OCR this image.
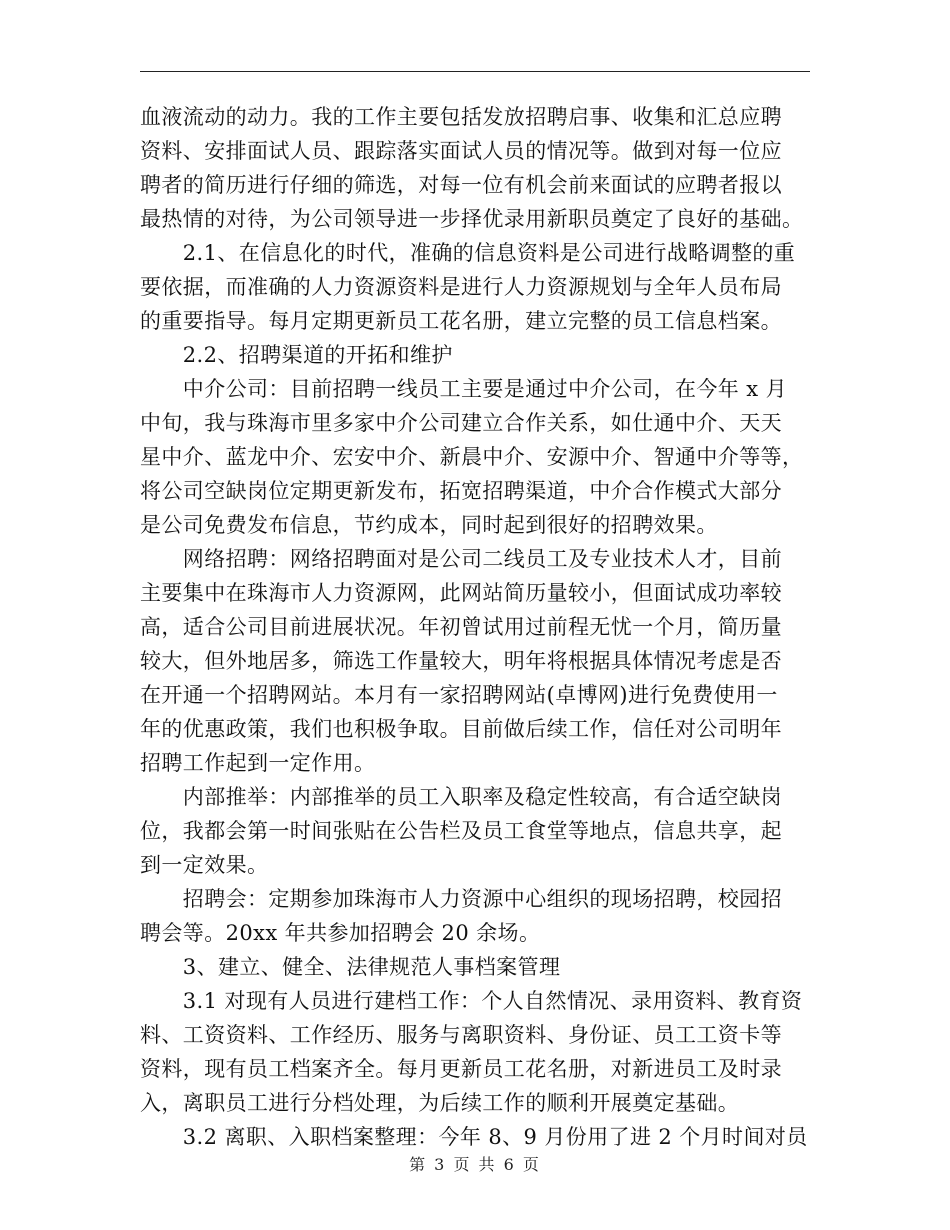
血液流动的动力。我的工作主要包括发放招聘启事、收集和汇总应聘
资料、安排面试人员、跟踪落实面试人员的情况等。做到对每一位应
聘者的简历进行仔细的筛选，对每一位有机会前来面试的应聘者报以
最热情的对待，为公司领导进一步择优录用新职员奠定了良好的基础。
　　2.1、在信息化的时代，准确的信息资料是公司进行战略调整的重
要依据，而准确的人力资源资料是进行人力资源规划与全年人员布局
的重要指导。每月定期更新员工花名册，建立完整的员工信息档案。
　　2.2、招聘渠道的开拓和维护
　　中介公司：目前招聘一线员工主要是通过中介公司，在今年 x 月
中旬，我与珠海市里多家中介公司建立合作关系，如仕通中介、天天
星中介、蓝龙中介、宏安中介、新晨中介、安源中介、智通中介等等，
将公司空缺岗位定期更新发布，拓宽招聘渠道，中介合作模式大部分
是公司免费发布信息，节约成本，同时起到很好的招聘效果。
　　网络招聘：网络招聘面对是公司二线员工及专业技术人才，目前
主要集中在珠海市人力资源网，此网站简历量较小，但面试成功率较
高，适合公司目前进展状况。年初曾试用过前程无忧一个月，简历量
较大，但外地居多，筛选工作量较大，明年将根据具体情况考虑是否
在开通一个招聘网站。本月有一家招聘网站(卓博网)进行免费使用一
年的优惠政策，我们也积极争取。目前做后续工作，信任对公司明年
招聘工作起到一定作用。
　　内部推举：内部推举的员工入职率及稳定性较高，有合适空缺岗
位，我都会第一时间张贴在公告栏及员工食堂等地点，信息共享，起
到一定效果。
　　招聘会：定期参加珠海市人力资源中心组织的现场招聘，校园招
聘会等。20xx 年共参加招聘会 20 余场。
　　3、建立、健全、法律规范人事档案管理
　　3.1 对现有人员进行建档工作：个人自然情况、录用资料、教育资
料、工资资料、工作经历、服务与离职资料、身份证、员工工资卡等
资料，现有员工档案齐全。每月更新员工花名册，对新进员工及时录
入，离职员工进行分档处理，为后续工作的顺利开展奠定基础。
　　3.2 离职、入职档案整理：今年 8、9 月份用了进 2 个月时间对员
第 3 页 共 6 页
